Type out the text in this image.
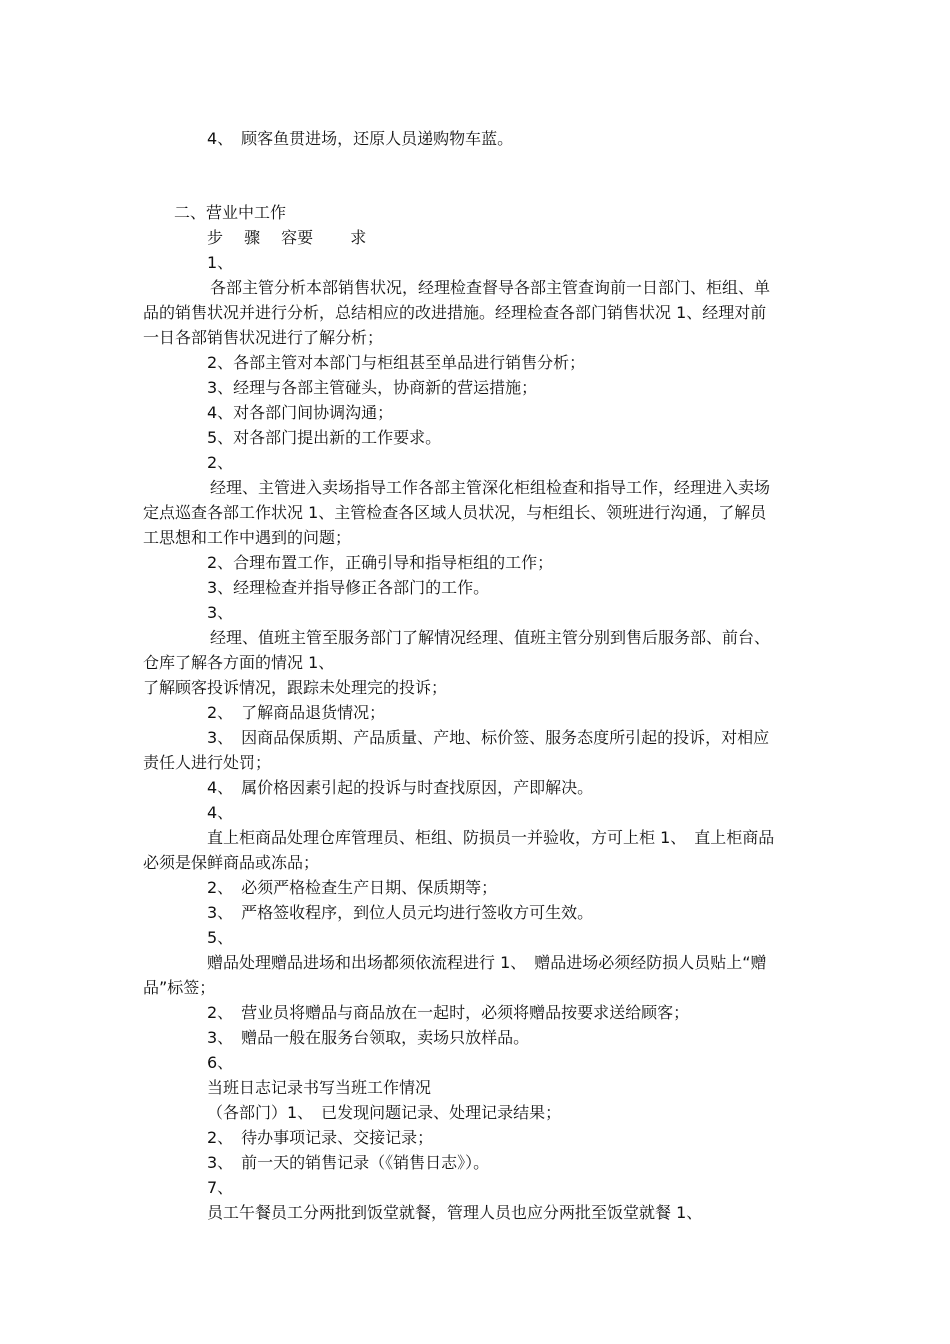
4、　顾客鱼贯进场，还原人员递购物车蓝。
二、营业中工作
步　 骤　 容要　　 求
1、
各部主管分析本部销售状况，经理检查督导各部主管查询前一日部门、柜组、单
品的销售状况并进行分析，总结相应的改进措施。经理检查各部门销售状况 1、经理对前
一日各部销售状况进行了解分析；
2、各部主管对本部门与柜组甚至单品进行销售分析；
3、经理与各部主管碰头，协商新的营运措施；
4、对各部门间协调沟通；
5、对各部门提出新的工作要求。
2、
经理、主管进入卖场指导工作各部主管深化柜组检查和指导工作，经理进入卖场
定点巡查各部工作状况 1、主管检查各区域人员状况，与柜组长、领班进行沟通，了解员
工思想和工作中遇到的问题；
2、合理布置工作，正确引导和指导柜组的工作；
3、经理检查并指导修正各部门的工作。
3、
经理、值班主管至服务部门了解情况经理、值班主管分别到售后服务部、前台、
仓库了解各方面的情况 1、
了解顾客投诉情况，跟踪未处理完的投诉；
2、　了解商品退货情况；
3、　因商品保质期、产品质量、产地、标价签、服务态度所引起的投诉，对相应
责任人进行处罚；
4、　属价格因素引起的投诉与时查找原因，产即解决。
4、
直上柜商品处理仓库管理员、柜组、防损员一并验收，方可上柜 1、　直上柜商品
必须是保鲜商品或冻品；
2、　必须严格检查生产日期、保质期等；
3、　严格签收程序，到位人员元均进行签收方可生效。
5、
赠品处理赠品进场和出场都须依流程进行 1、　赠品进场必须经防损人员贴上“赠
品”标签；
2、　营业员将赠品与商品放在一起时，必须将赠品按要求送给顾客；
3、　赠品一般在服务台领取，卖场只放样品。
6、
当班日志记录书写当班工作情况
（各部门）1、　已发现问题记录、处理记录结果；
2、　待办事项记录、交接记录；
3、　前一天的销售记录（《销售日志》）。
7、
员工午餐员工分两批到饭堂就餐，管理人员也应分两批至饭堂就餐 1、
